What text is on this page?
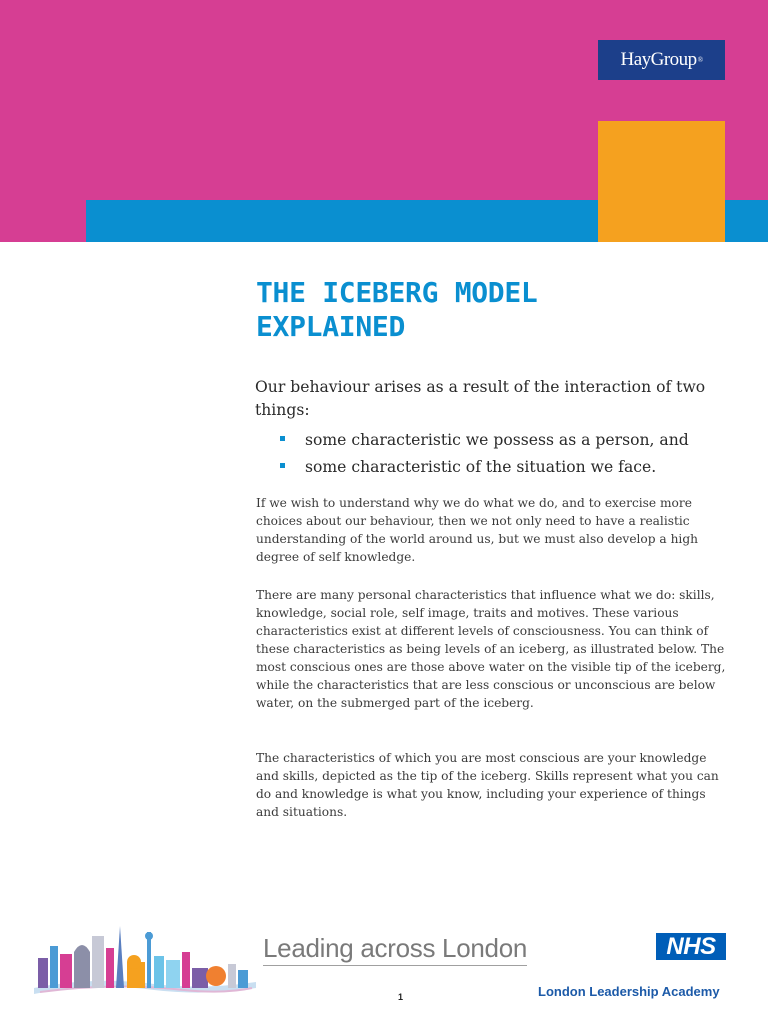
HayGroup ®
THE ICEBERG MODEL
EXPLAINED

Our behaviour arises as a result of the interaction of two things:

some characteristic we possess as a person, and
some characteristic of the situation we face.

If we wish to understand why we do what we do, and to exercise more choices about our behaviour, then we not only need to have a realistic understanding of the world around us, but we must also develop a high degree of self knowledge.

There are many personal characteristics that influence what we do: skills, knowledge, social role, self image, traits and motives. These various characteristics exist at different levels of consciousness. You can think of these characteristics as being levels of an iceberg, as illustrated below. The most conscious ones are those above water on the visible tip of the iceberg, while the characteristics that are less conscious or unconscious are below water, on the submerged part of the iceberg.

The characteristics of which you are most conscious are your knowledge and skills, depicted as the tip of the iceberg. Skills represent what you can do and knowledge is what you know, including your experience of things and situations.

Leading across London	NHS

London Leadership Academy

1
